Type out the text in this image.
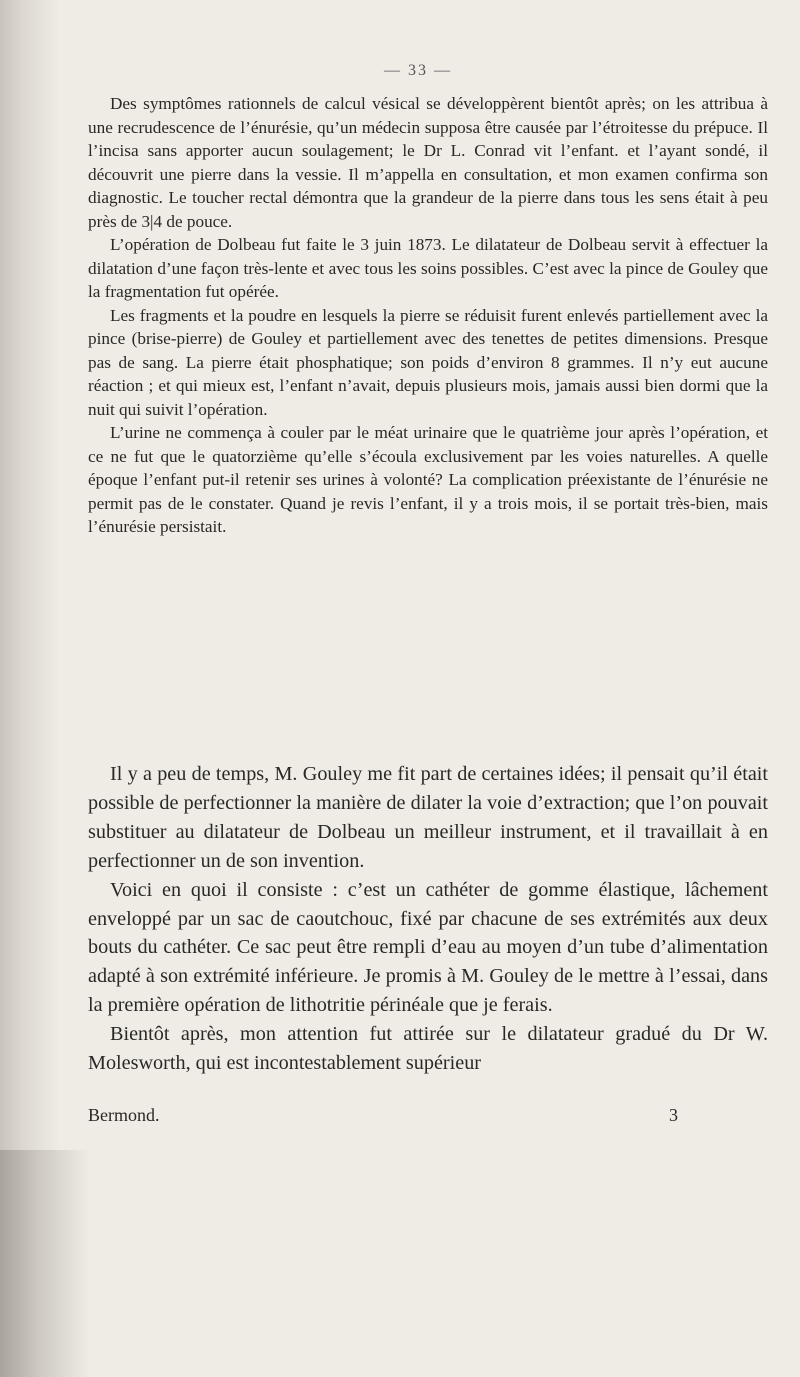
— 33 —

Des symptômes rationnels de calcul vésical se développèrent bientôt après; on les attribua à une recrudescence de l’énurésie, qu’un médecin supposa être causée par l’étroitesse du prépuce. Il l’incisa sans apporter aucun soulagement; le Dr L. Conrad vit l’enfant. et l’ayant sondé, il découvrit une pierre dans la vessie. Il m’appella en consultation, et mon examen confirma son diagnostic. Le toucher rectal démontra que la grandeur de la pierre dans tous les sens était à peu près de 3|4 de pouce.

L’opération de Dolbeau fut faite le 3 juin 1873. Le dilatateur de Dolbeau servit à effectuer la dilatation d’une façon très-lente et avec tous les soins possibles. C’est avec la pince de Gouley que la fragmentation fut opérée.

Les fragments et la poudre en lesquels la pierre se réduisit furent enlevés partiellement avec la pince (brise-pierre) de Gouley et partiellement avec des tenettes de petites dimensions. Presque pas de sang. La pierre était phosphatique; son poids d’environ 8 grammes. Il n’y eut aucune réaction ; et qui mieux est, l’enfant n’avait, depuis plusieurs mois, jamais aussi bien dormi que la nuit qui suivit l’opération.

L’urine ne commença à couler par le méat urinaire que le quatrième jour après l’opération, et ce ne fut que le quatorzième qu’elle s’écoula exclusivement par les voies naturelles. A quelle époque l’enfant put-il retenir ses urines à volonté? La complication préexistante de l’énurésie ne permit pas de le constater. Quand je revis l’enfant, il y a trois mois, il se portait très-bien, mais l’énurésie persistait.

Il y a peu de temps, M. Gouley me fit part de certaines idées; il pensait qu’il était possible de perfectionner la manière de dilater la voie d’extraction; que l’on pouvait substituer au dilatateur de Dolbeau un meilleur instrument, et il travaillait à en perfectionner un de son invention.

Voici en quoi il consiste : c’est un cathéter de gomme élastique, lâchement enveloppé par un sac de caoutchouc, fixé par chacune de ses extrémités aux deux bouts du cathéter. Ce sac peut être rempli d’eau au moyen d’un tube d’alimentation adapté à son extrémité inférieure. Je promis à M. Gouley de le mettre à l’essai, dans la première opération de lithotritie périnéale que je ferais.

Bientôt après, mon attention fut attirée sur le dilatateur gradué du Dr W. Molesworth, qui est incontestablement supérieur

Bermond.	3
